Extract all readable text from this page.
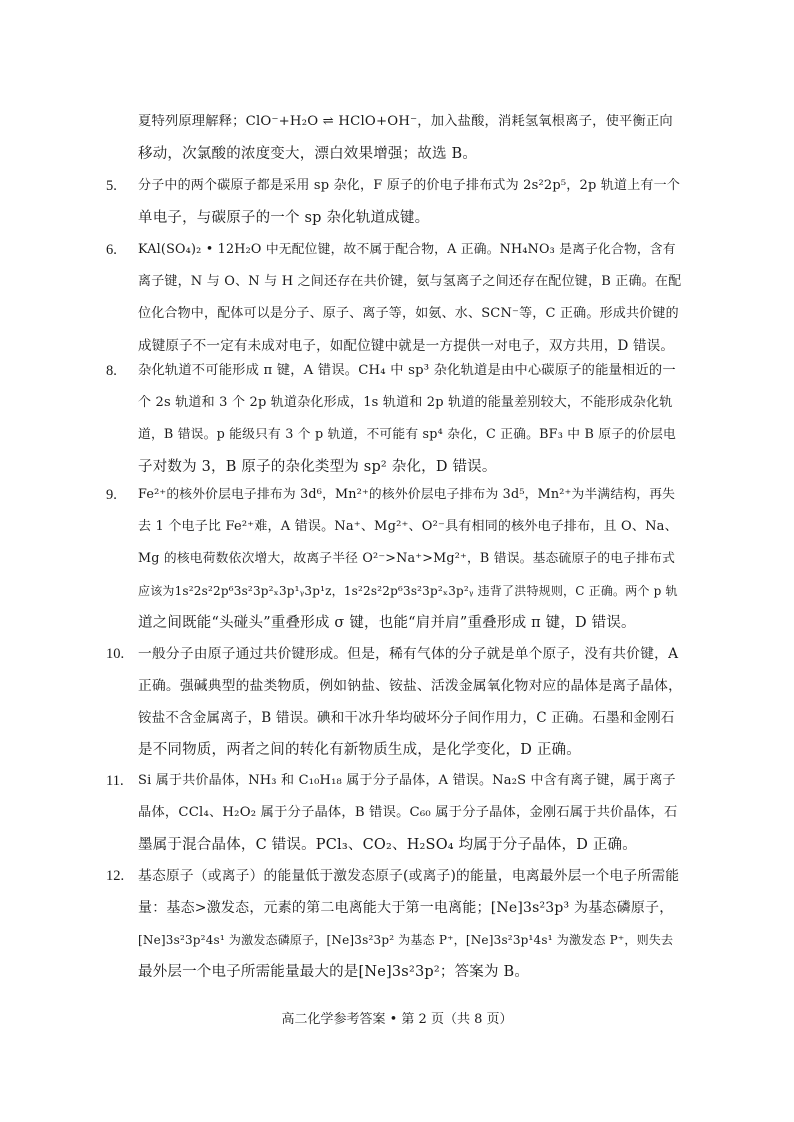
夏特列原理解释；ClO⁻+H₂O ⇌ HClO+OH⁻，加入盐酸，消耗氢氧根离子，使平衡正向
移动，次氯酸的浓度变大，漂白效果增强；故选 B。
5. 分子中的两个碳原子都是采用 sp 杂化，F 原子的价电子排布式为 2s²2p⁵，2p 轨道上有一个
单电子，与碳原子的一个 sp 杂化轨道成键。
6. KAl(SO₄)₂ • 12H₂O 中无配位键，故不属于配合物，A 正确。NH₄NO₃ 是离子化合物，含有
离子键，N 与 O、N 与 H 之间还存在共价键，氨与氢离子之间还存在配位键，B 正确。在配
位化合物中，配体可以是分子、原子、离子等，如氨、水、SCN⁻等，C 正确。形成共价键的
成键原子不一定有未成对电子，如配位键中就是一方提供一对电子，双方共用，D 错误。
8. 杂化轨道不可能形成 π 键，A 错误。CH₄ 中 sp³ 杂化轨道是由中心碳原子的能量相近的一
个 2s 轨道和 3 个 2p 轨道杂化形成，1s 轨道和 2p 轨道的能量差别较大，不能形成杂化轨
道，B 错误。p 能级只有 3 个 p 轨道，不可能有 sp⁴ 杂化，C 正确。BF₃ 中 B 原子的价层电
子对数为 3，B 原子的杂化类型为 sp² 杂化，D 错误。
9. Fe²⁺的核外价层电子排布为 3d⁶，Mn²⁺的核外价层电子排布为 3d⁵，Mn²⁺为半满结构，再失
去 1 个电子比 Fe²⁺难，A 错误。Na⁺、Mg²⁺、O²⁻具有相同的核外电子排布，且 O、Na、
Mg 的核电荷数依次增大，故离子半径 O²⁻>Na⁺>Mg²⁺，B 错误。基态硫原子的电子排布式
应该为1s²2s²2p⁶3s²3p²ₓ3p¹ᵧ3p¹z，1s²2s²2p⁶3s²3p²ₓ3p²ᵧ 违背了洪特规则，C 正确。两个 p 轨
道之间既能“头碰头”重叠形成 σ 键，也能“肩并肩”重叠形成 π 键，D 错误。
10. 一般分子由原子通过共价键形成。但是，稀有气体的分子就是单个原子，没有共价键，A
正确。强碱典型的盐类物质，例如钠盐、铵盐、活泼金属氧化物对应的晶体是离子晶体，
铵盐不含金属离子，B 错误。碘和干冰升华均破坏分子间作用力，C 正确。石墨和金刚石
是不同物质，两者之间的转化有新物质生成，是化学变化，D 正确。
11. Si 属于共价晶体，NH₃ 和 C₁₀H₁₈ 属于分子晶体，A 错误。Na₂S 中含有离子键，属于离子
晶体，CCl₄、H₂O₂ 属于分子晶体，B 错误。C₆₀ 属于分子晶体，金刚石属于共价晶体，石
墨属于混合晶体，C 错误。PCl₃、CO₂、H₂SO₄ 均属于分子晶体，D 正确。
12. 基态原子（或离子）的能量低于激发态原子(或离子)的能量，电离最外层一个电子所需能
量：基态>激发态，元素的第二电离能大于第一电离能；[Ne]3s²3p³ 为基态磷原子，
[Ne]3s²3p²4s¹ 为激发态磷原子，[Ne]3s²3p² 为基态 P⁺，[Ne]3s²3p¹4s¹ 为激发态 P⁺，则失去
最外层一个电子所需能量最大的是[Ne]3s²3p²；答案为 B。
高二化学参考答案 • 第 2 页（共 8 页）
